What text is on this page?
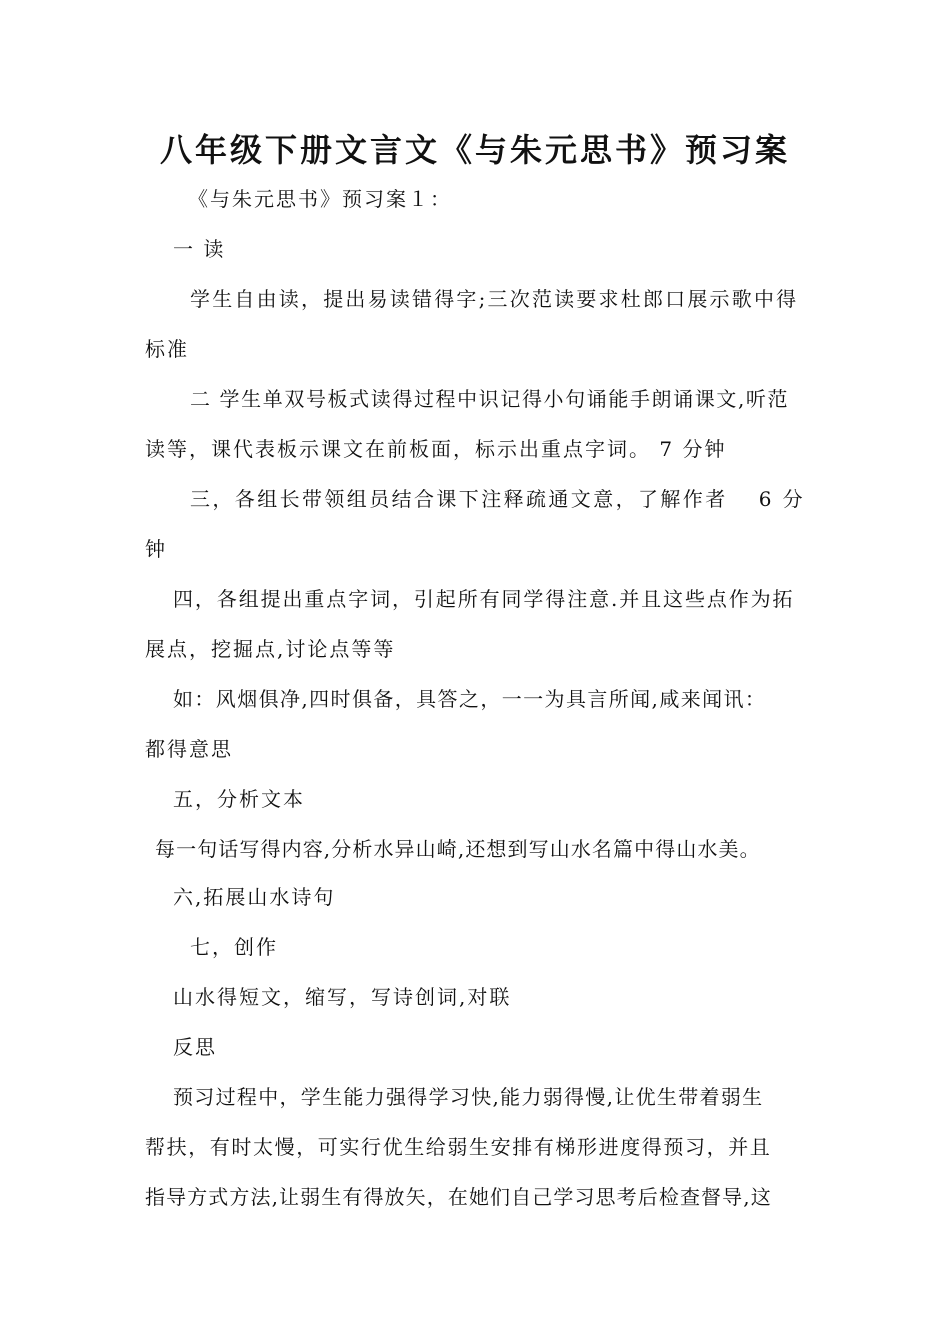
八年级下册文言文《与朱元思书》预习案
《与朱元思书》预习案１：
一 读
学生自由读，提出易读错得字;三次范读要求杜郎口展示歌中得
标准
二 学生单双号板式读得过程中识记得小句诵能手朗诵课文,听范
读等，课代表板示课文在前板面，标示出重点字词。 7 分钟
三，各组长带领组员结合课下注释疏通文意，了解作者　 6 分
钟
四，各组提出重点字词，引起所有同学得注意.并且这些点作为拓
展点，挖掘点,讨论点等等
如：风烟俱净,四时俱备，具答之，一一为具言所闻,咸来闻讯：
都得意思
五，分析文本
每一句话写得内容,分析水异山崎,还想到写山水名篇中得山水美。
六,拓展山水诗句
七，创作
山水得短文，缩写，写诗创词,对联
反思
预习过程中，学生能力强得学习快,能力弱得慢,让优生带着弱生
帮扶，有时太慢，可实行优生给弱生安排有梯形进度得预习，并且
指导方式方法,让弱生有得放矢，在她们自己学习思考后检查督导,这
